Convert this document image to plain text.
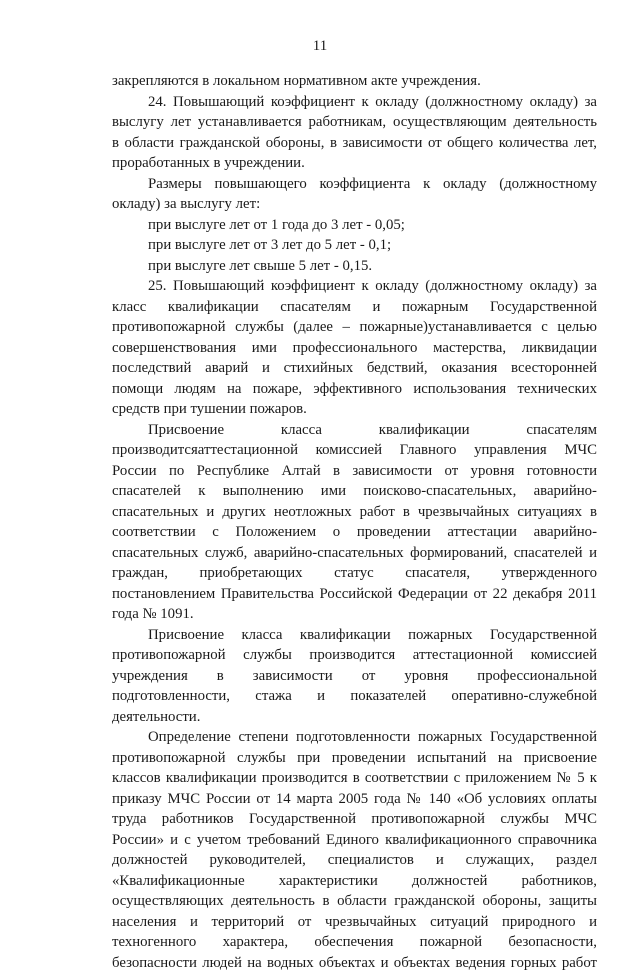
11
закрепляются в локальном нормативном акте учреждения.
24. Повышающий коэффициент к окладу (должностному окладу) за
выслугу лет устанавливается работникам, осуществляющим деятельность
в области гражданской обороны, в зависимости от общего количества лет,
проработанных в учреждении.
Размеры повышающего коэффициента к окладу (должностному
окладу) за выслугу лет:
при выслуге лет от 1 года до 3 лет - 0,05;
при выслуге лет от 3 лет до 5 лет - 0,1;
при выслуге лет свыше 5 лет - 0,15.
25. Повышающий коэффициент к окладу (должностному окладу) за
класс квалификации спасателям и пожарным Государственной
противопожарной службы (далее – пожарные)устанавливается с целью
совершенствования ими профессионального мастерства, ликвидации
последствий аварий и стихийных бедствий, оказания всесторонней
помощи людям на пожаре, эффективного использования технических
средств при тушении пожаров.
Присвоение класса квалификации спасателям
производитсяаттестационной комиссией Главного управления МЧС
России по Республике Алтай в зависимости от уровня готовности
спасателей к выполнению ими поисково-спасательных, аварийно-
спасательных и других неотложных работ в чрезвычайных ситуациях в
соответствии с Положением о проведении аттестации аварийно-
спасательных служб, аварийно-спасательных формирований, спасателей и
граждан, приобретающих статус спасателя, утвержденного
постановлением Правительства Российской Федерации от 22 декабря 2011
года № 1091.
Присвоение класса квалификации пожарных Государственной
противопожарной службы производится аттестационной комиссией
учреждения в зависимости от уровня профессиональной
подготовленности, стажа и показателей оперативно-служебной
деятельности.
Определение степени подготовленности пожарных Государственной
противопожарной службы при проведении испытаний на присвоение
классов квалификации производится в соответствии с приложением № 5 к
приказу МЧС России от 14 марта 2005 года № 140 «Об условиях оплаты
труда работников Государственной противопожарной службы МЧС
России» и с учетом требований Единого квалификационного справочника
должностей руководителей, специалистов и служащих, раздел
«Квалификационные характеристики должностей работников,
осуществляющих деятельность в области гражданской обороны, защиты
населения и территорий от чрезвычайных ситуаций природного и
техногенного характера, обеспечения пожарной безопасности,
безопасности людей на водных объектах и объектах ведения горных работ
